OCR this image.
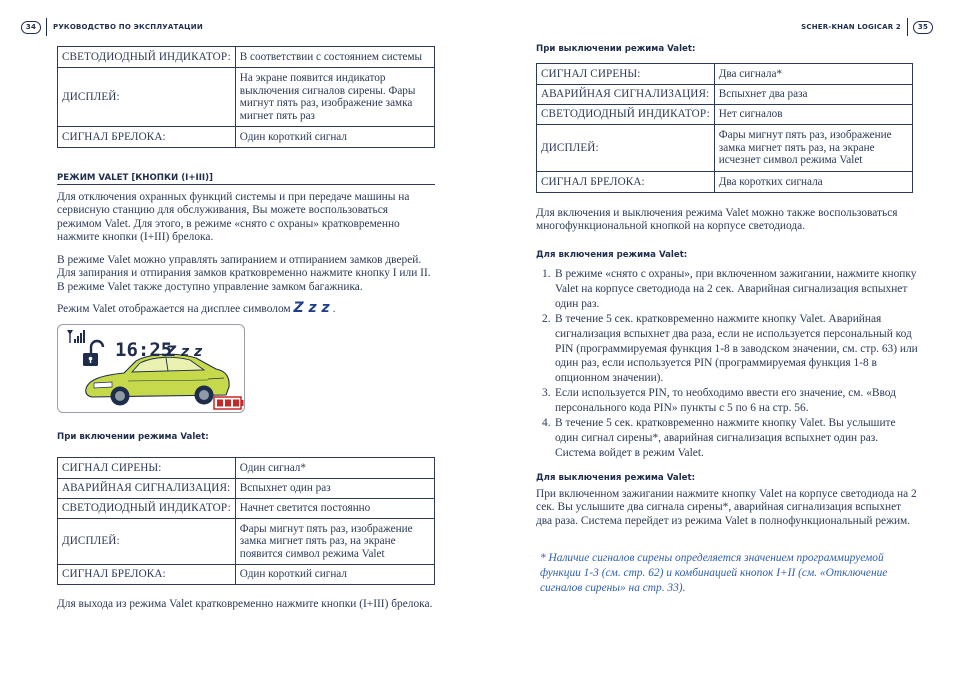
34	РУКОВОДСТВО ПО ЭКСПЛУАТАЦИИ	SCHER-KHAN LOGICAR 2	35
СВЕТОДИОДНЫЙ ИНДИКАТОР:	В соответствии с состоянием системы
ДИСПЛЕЙ:	На экране появится индикатор выключения сигналов сирены. Фары мигнут пять раз, изображение замка мигнет пять раз
СИГНАЛ БРЕЛОКА:	Один короткий сигнал
РЕЖИМ VALET [КНОПКИ (I+III)]
Для отключения охранных функций системы и при передаче машины на сервисную станцию для обслуживания, Вы можете воспользоваться режимом Valet. Для этого, в режиме «снято с охраны» кратковременно нажмите кнопки (I+III) брелока.
В режиме Valet можно управлять запиранием и отпиранием замков дверей. Для запирания и отпирания замков кратковременно нажмите кнопку I или II. В режиме Valet также доступно управление замком багажника.
Режим Valet отображается на дисплее символом Z z z .
16:25
Z z z
При включении режима Valet:
СИГНАЛ СИРЕНЫ:	Один сигнал*
АВАРИЙНАЯ СИГНАЛИЗАЦИЯ:	Вспыхнет один раз
СВЕТОДИОДНЫЙ ИНДИКАТОР:	Начнет светится постоянно
ДИСПЛЕЙ:	Фары мигнут пять раз, изображение замка мигнет пять раз, на экране появится символ режима Valet
СИГНАЛ БРЕЛОКА:	Один короткий сигнал
Для выхода из режима Valet кратковременно нажмите кнопки (I+III) брелока.
При выключении режима Valet:
СИГНАЛ СИРЕНЫ:	Два сигнала*
АВАРИЙНАЯ СИГНАЛИЗАЦИЯ:	Вспыхнет два раза
СВЕТОДИОДНЫЙ ИНДИКАТОР:	Нет сигналов
ДИСПЛЕЙ:	Фары мигнут пять раз, изображение замка мигнет пять раз, на экране исчезнет символ режима Valet
СИГНАЛ БРЕЛОКА:	Два коротких сигнала
Для включения и выключения режима Valet можно также воспользоваться многофункциональной кнопкой на корпусе светодиода.
Для включения режима Valet:
1. В режиме «снято с охраны», при включенном зажигании, нажмите кнопку Valet на корпусе светодиода на 2 сек. Аварийная сигнализация вспыхнет один раз.
2. В течение 5 сек. кратковременно нажмите кнопку Valet. Аварийная сигнализация вспыхнет два раза, если не используется персональный код PIN (программируемая функция 1-8 в заводском значении, см. стр. 63) или один раз, если используется PIN (программируемая функция 1-8 в опционном значении).
3. Если используется PIN, то необходимо ввести его значение, см. «Ввод персонального кода PIN» пункты с 5 по 6 на стр. 56.
4. В течение 5 сек. кратковременно нажмите кнопку Valet. Вы услышите один сигнал сирены*, аварийная сигнализация вспыхнет один раз. Система войдет в режим Valet.
Для выключения режима Valet:
При включенном зажигании нажмите кнопку Valet на корпусе светодиода на 2 сек. Вы услышите два сигнала сирены*, аварийная сигнализация вспыхнет два раза. Система перейдет из режима Valet в полнофункциональный режим.
* Наличие сигналов сирены определяется значением программируемой функции 1-3 (см. стр. 62) и комбинацией кнопок I+II (см. «Отключение сигналов сирены» на стр. 33).
